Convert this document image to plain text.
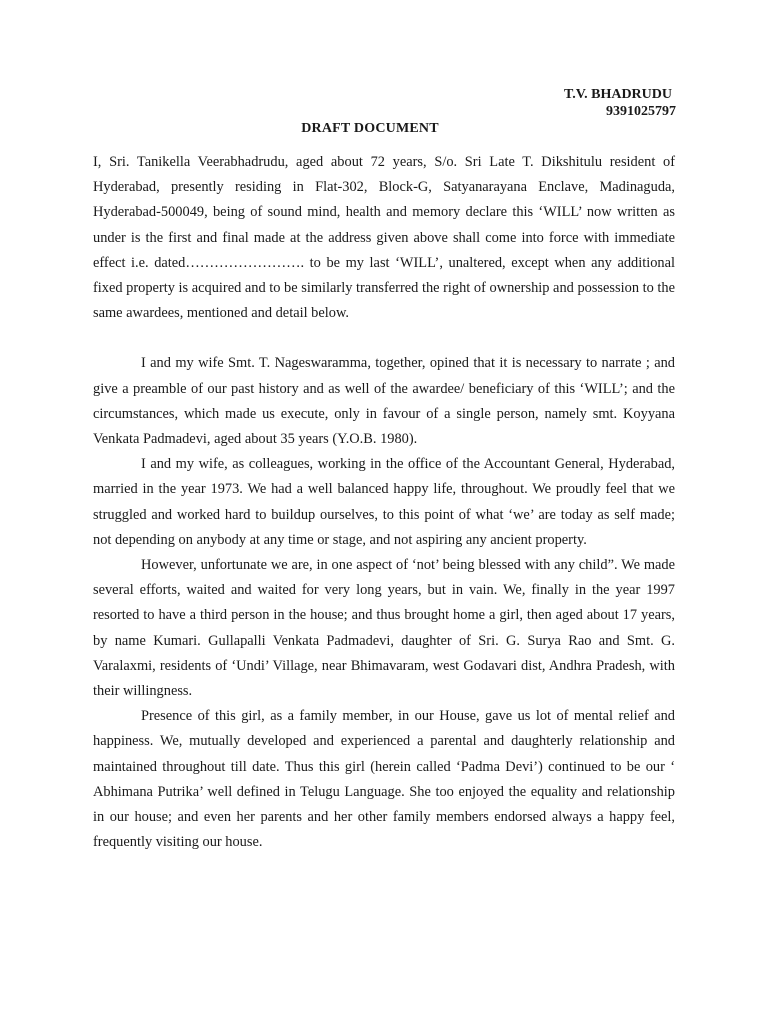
T.V. BHADRUDU
9391025797
DRAFT DOCUMENT

I, Sri. Tanikella Veerabhadrudu, aged about 72 years, S/o. Sri Late T. Dikshitulu resident of Hyderabad, presently residing in Flat-302, Block-G, Satyanarayana Enclave, Madinaguda, Hyderabad-500049, being of sound mind, health and memory declare this ‘WILL’ now written as under is the first and final made at the address given above shall come into force with immediate effect i.e. dated……………………. to be my last ‘WILL’, unaltered, except when any additional fixed property is acquired and to be similarly transferred the right of ownership and possession to the same awardees, mentioned and detail below.

I and my wife Smt. T. Nageswaramma, together, opined that it is necessary to narrate ; and give a preamble of our past history and as well of the awardee/ beneficiary of this ‘WILL’; and the circumstances, which made us execute, only in favour of a single person, namely smt. Koyyana Venkata Padmadevi, aged about 35 years (Y.O.B. 1980).

I and my wife, as colleagues, working in the office of the Accountant General, Hyderabad, married in the year 1973. We had a well balanced happy life, throughout. We proudly feel that we struggled and worked hard to buildup ourselves, to this point of what ‘we’ are today as self made; not depending on anybody at any time or stage, and not aspiring any ancient property.

However, unfortunate we are, in one aspect of ‘not’ being blessed with any child”. We made several efforts, waited and waited for very long years, but in vain. We, finally in the year 1997 resorted to have a third person in the house; and thus brought home a girl, then aged about 17 years, by name Kumari. Gullapalli Venkata Padmadevi, daughter of Sri. G. Surya Rao and Smt. G. Varalaxmi, residents of ‘Undi’ Village, near Bhimavaram, west Godavari dist, Andhra Pradesh, with their willingness.

Presence of this girl, as a family member, in our House, gave us lot of mental relief and happiness. We, mutually developed and experienced a parental and daughterly relationship and maintained throughout till date. Thus this girl (herein called ‘Padma Devi’) continued to be our ‘ Abhimana Putrika’ well defined in Telugu Language. She too enjoyed the equality and relationship in our house; and even her parents and her other family members endorsed always a happy feel, frequently visiting our house.
